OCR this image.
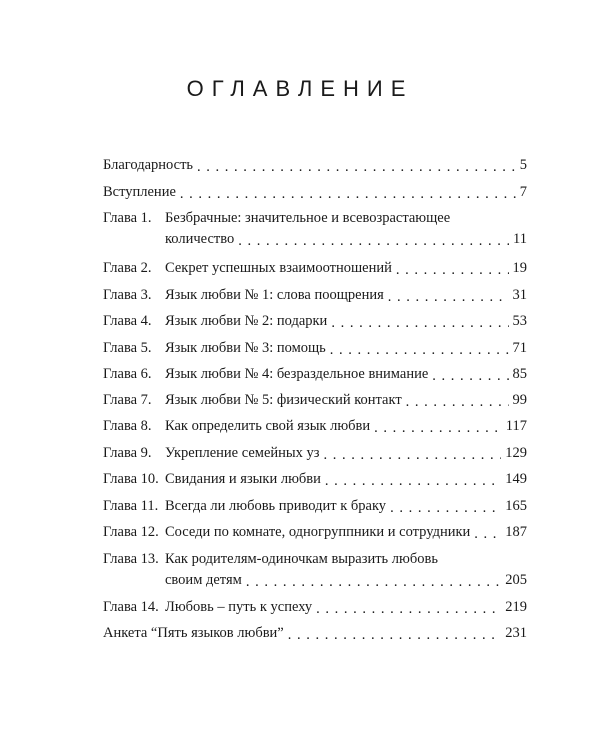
ОГЛАВЛЕНИЕ
Благодарность . . .	5
Вступление . . .	7
Глава 1. Безбрачные: значительное и всевозрастающее
количество . . .	11
Глава 2. Секрет успешных взаимоотношений . . .	19
Глава 3. Язык любви № 1: слова поощрения . . .	31
Глава 4. Язык любви № 2: подарки . . .	53
Глава 5. Язык любви № 3: помощь . . .	71
Глава 6. Язык любви № 4: безраздельное внимание . . .	85
Глава 7. Язык любви № 5: физический контакт . . .	99
Глава 8. Как определить свой язык любви . . .	117
Глава 9. Укрепление семейных уз . . .	129
Глава 10. Свидания и языки любви . . .	149
Глава 11. Всегда ли любовь приводит к браку . . .	165
Глава 12. Соседи по комнате, одногруппники и сотрудники . . . 187
Глава 13. Как родителям-одиночкам выразить любовь
своим детям . . .	205
Глава 14. Любовь – путь к успеху . . .	219
Анкета “Пять языков любви” . . .	231
